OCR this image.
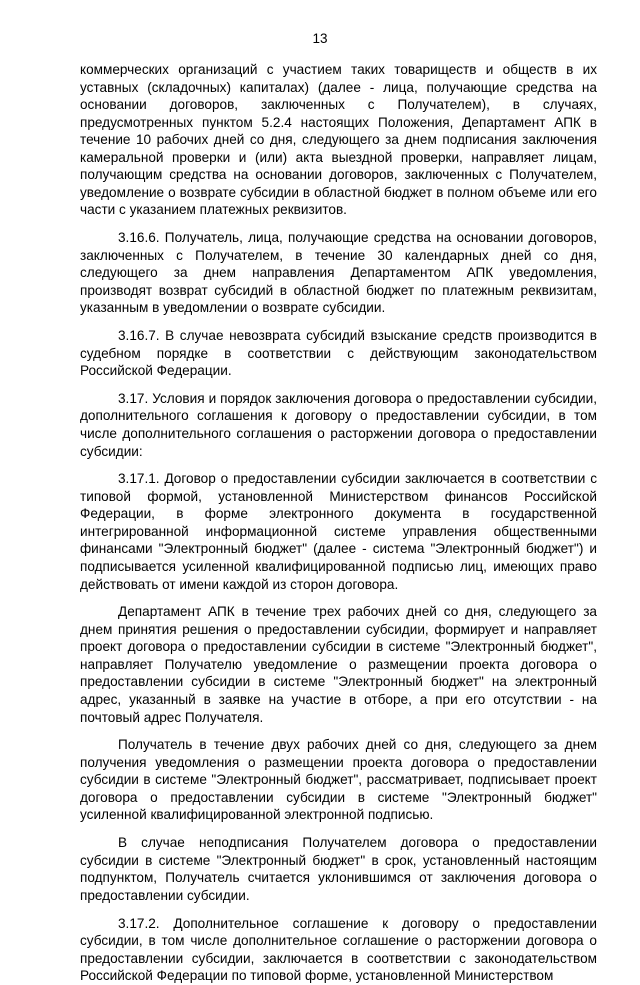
13

коммерческих организаций с участием таких товариществ и обществ в их уставных (складочных) капиталах) (далее - лица, получающие средства на основании договоров, заключенных с Получателем), в случаях, предусмотренных пунктом 5.2.4 настоящих Положения, Департамент АПК в течение 10 рабочих дней со дня, следующего за днем подписания заключения камеральной проверки и (или) акта выездной проверки, направляет лицам, получающим средства на основании договоров, заключенных с Получателем, уведомление о возврате субсидии в областной бюджет в полном объеме или его части с указанием платежных реквизитов.

3.16.6. Получатель, лица, получающие средства на основании договоров, заключенных с Получателем, в течение 30 календарных дней со дня, следующего за днем направления Департаментом АПК уведомления, производят возврат субсидий в областной бюджет по платежным реквизитам, указанным в уведомлении о возврате субсидии.

3.16.7. В случае невозврата субсидий взыскание средств производится в судебном порядке в соответствии с действующим законодательством Российской Федерации.

3.17. Условия и порядок заключения договора о предоставлении субсидии, дополнительного соглашения к договору о предоставлении субсидии, в том числе дополнительного соглашения о расторжении договора о предоставлении субсидии:

3.17.1. Договор о предоставлении субсидии заключается в соответствии с типовой формой, установленной Министерством финансов Российской Федерации, в форме электронного документа в государственной интегрированной информационной системе управления общественными финансами "Электронный бюджет" (далее - система "Электронный бюджет") и подписывается усиленной квалифицированной подписью лиц, имеющих право действовать от имени каждой из сторон договора.

Департамент АПК в течение трех рабочих дней со дня, следующего за днем принятия решения о предоставлении субсидии, формирует и направляет проект договора о предоставлении субсидии в системе "Электронный бюджет", направляет Получателю уведомление о размещении проекта договора о предоставлении субсидии в системе "Электронный бюджет" на электронный адрес, указанный в заявке на участие в отборе, а при его отсутствии - на почтовый адрес Получателя.

Получатель в течение двух рабочих дней со дня, следующего за днем получения уведомления о размещении проекта договора о предоставлении субсидии в системе "Электронный бюджет", рассматривает, подписывает проект договора о предоставлении субсидии в системе "Электронный бюджет" усиленной квалифицированной электронной подписью.

В случае неподписания Получателем договора о предоставлении субсидии в системе "Электронный бюджет" в срок, установленный настоящим подпунктом, Получатель считается уклонившимся от заключения договора о предоставлении субсидии.

3.17.2. Дополнительное соглашение к договору о предоставлении субсидии, в том числе дополнительное соглашение о расторжении договора о предоставлении субсидии, заключается в соответствии с законодательством Российской Федерации по типовой форме, установленной Министерством
